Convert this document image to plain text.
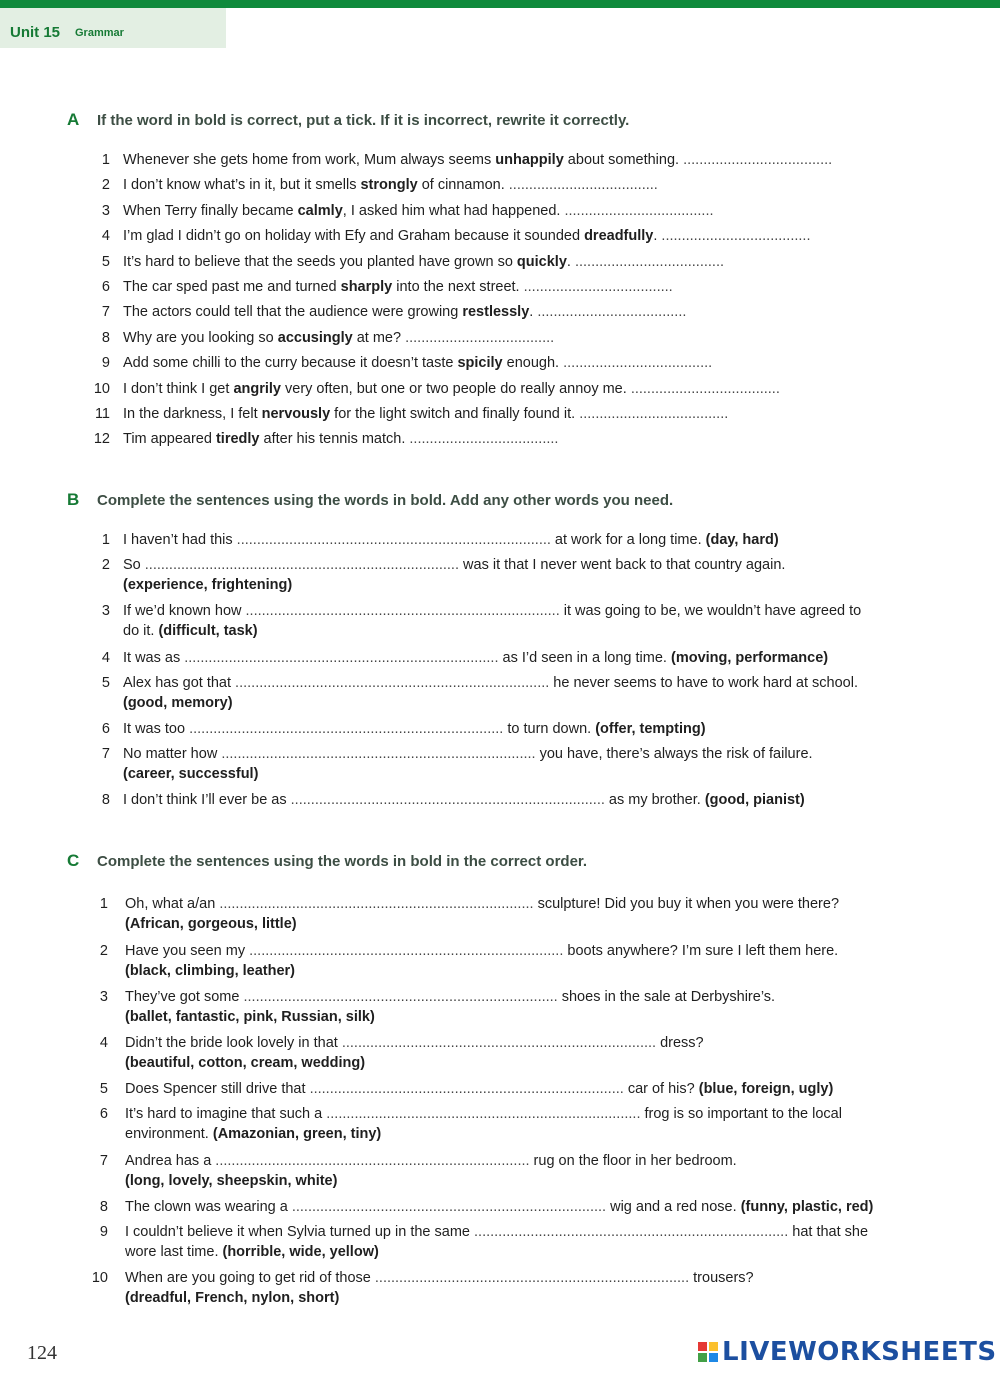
Unit 15 Grammar
A If the word in bold is correct, put a tick. If it is incorrect, rewrite it correctly.
1 Whenever she gets home from work, Mum always seems unhappily about something. .....................................
2 I don’t know what’s in it, but it smells strongly of cinnamon. .....................................
3 When Terry finally became calmly, I asked him what had happened. .....................................
4 I’m glad I didn’t go on holiday with Efy and Graham because it sounded dreadfully. .....................................
5 It’s hard to believe that the seeds you planted have grown so quickly. .....................................
6 The car sped past me and turned sharply into the next street. .....................................
7 The actors could tell that the audience were growing restlessly. .....................................
8 Why are you looking so accusingly at me? .....................................
9 Add some chilli to the curry because it doesn’t taste spicily enough. .....................................
10 I don’t think I get angrily very often, but one or two people do really annoy me. .....................................
11 In the darkness, I felt nervously for the light switch and finally found it. .....................................
12 Tim appeared tiredly after his tennis match. .....................................
B Complete the sentences using the words in bold. Add any other words you need.
1 I haven’t had this .............................................................................. at work for a long time. (day, hard)
2 So .............................................................................. was it that I never went back to that country again.
(experience, frightening)
3 If we’d known how .............................................................................. it was going to be, we wouldn’t have agreed to
do it. (difficult, task)
4 It was as .............................................................................. as I’d seen in a long time. (moving, performance)
5 Alex has got that .............................................................................. he never seems to have to work hard at school.
(good, memory)
6 It was too .............................................................................. to turn down. (offer, tempting)
7 No matter how .............................................................................. you have, there’s always the risk of failure.
(career, successful)
8 I don’t think I’ll ever be as .............................................................................. as my brother. (good, pianist)
C Complete the sentences using the words in bold in the correct order.
1 Oh, what a/an .............................................................................. sculpture! Did you buy it when you were there?
(African, gorgeous, little)
2 Have you seen my .............................................................................. boots anywhere? I’m sure I left them here.
(black, climbing, leather)
3 They’ve got some .............................................................................. shoes in the sale at Derbyshire’s.
(ballet, fantastic, pink, Russian, silk)
4 Didn’t the bride look lovely in that .............................................................................. dress?
(beautiful, cotton, cream, wedding)
5 Does Spencer still drive that .............................................................................. car of his? (blue, foreign, ugly)
6 It’s hard to imagine that such a .............................................................................. frog is so important to the local
environment. (Amazonian, green, tiny)
7 Andrea has a .............................................................................. rug on the floor in her bedroom.
(long, lovely, sheepskin, white)
8 The clown was wearing a .............................................................................. wig and a red nose. (funny, plastic, red)
9 I couldn’t believe it when Sylvia turned up in the same .............................................................................. hat that she
wore last time. (horrible, wide, yellow)
10 When are you going to get rid of those .............................................................................. trousers?
(dreadful, French, nylon, short)
124	LIVEWORKSHEETS
